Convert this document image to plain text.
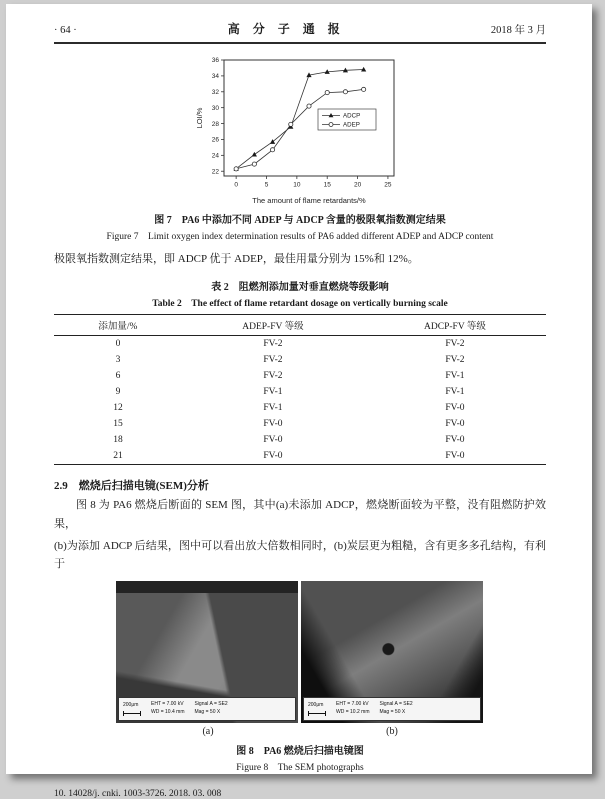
· 64 ·	高分子通报	2018 年 3 月
22
24
26
28
30
32
34
36
0	5	10	15	20	25
ADCP
ADEP
The amount of flame retardants/%
LOI/%
图 7　PA6 中添加不同 ADEP 与 ADCP 含量的极限氧指数测定结果
Figure 7　Limit oxygen index determination results of PA6 added different ADEP and ADCP content
极限氧指数测定结果，即 ADCP 优于 ADEP，最佳用量分别为 15%和 12%。
表 2　阻燃剂添加量对垂直燃烧等级影响
Table 2　The effect of flame retardant dosage on vertically burning scale
添加量/%	ADEP-FV 等级	ADCP-FV 等级
0	FV-2	FV-2
3	FV-2	FV-2
6	FV-2	FV-1
9	FV-1	FV-1
12	FV-1	FV-0
15	FV-0	FV-0
18	FV-0	FV-0
21	FV-0	FV-0
2.9　燃烧后扫描电镜(SEM)分析
图 8 为 PA6 燃烧后断面的 SEM 图，其中(a)未添加 ADCP，燃烧断面较为平整，没有阻燃防护效果，
(b)为添加 ADCP 后结果，图中可以看出放大倍数相同时，(b)炭层更为粗糙，含有更多多孔结构，有利于
200μm	EHT = 7.00 kV
WD = 10.4 mm
Signal A = SE2
Mag = 50 X
200μm	EHT = 7.00 kV
WD = 10.2 mm
Signal A = SE2
Mag = 50 X
(a)	(b)
图 8　PA6 燃烧后扫描电镜图
Figure 8　The SEM photographs
10. 14028/j. cnki. 1003-3726. 2018. 03. 008
